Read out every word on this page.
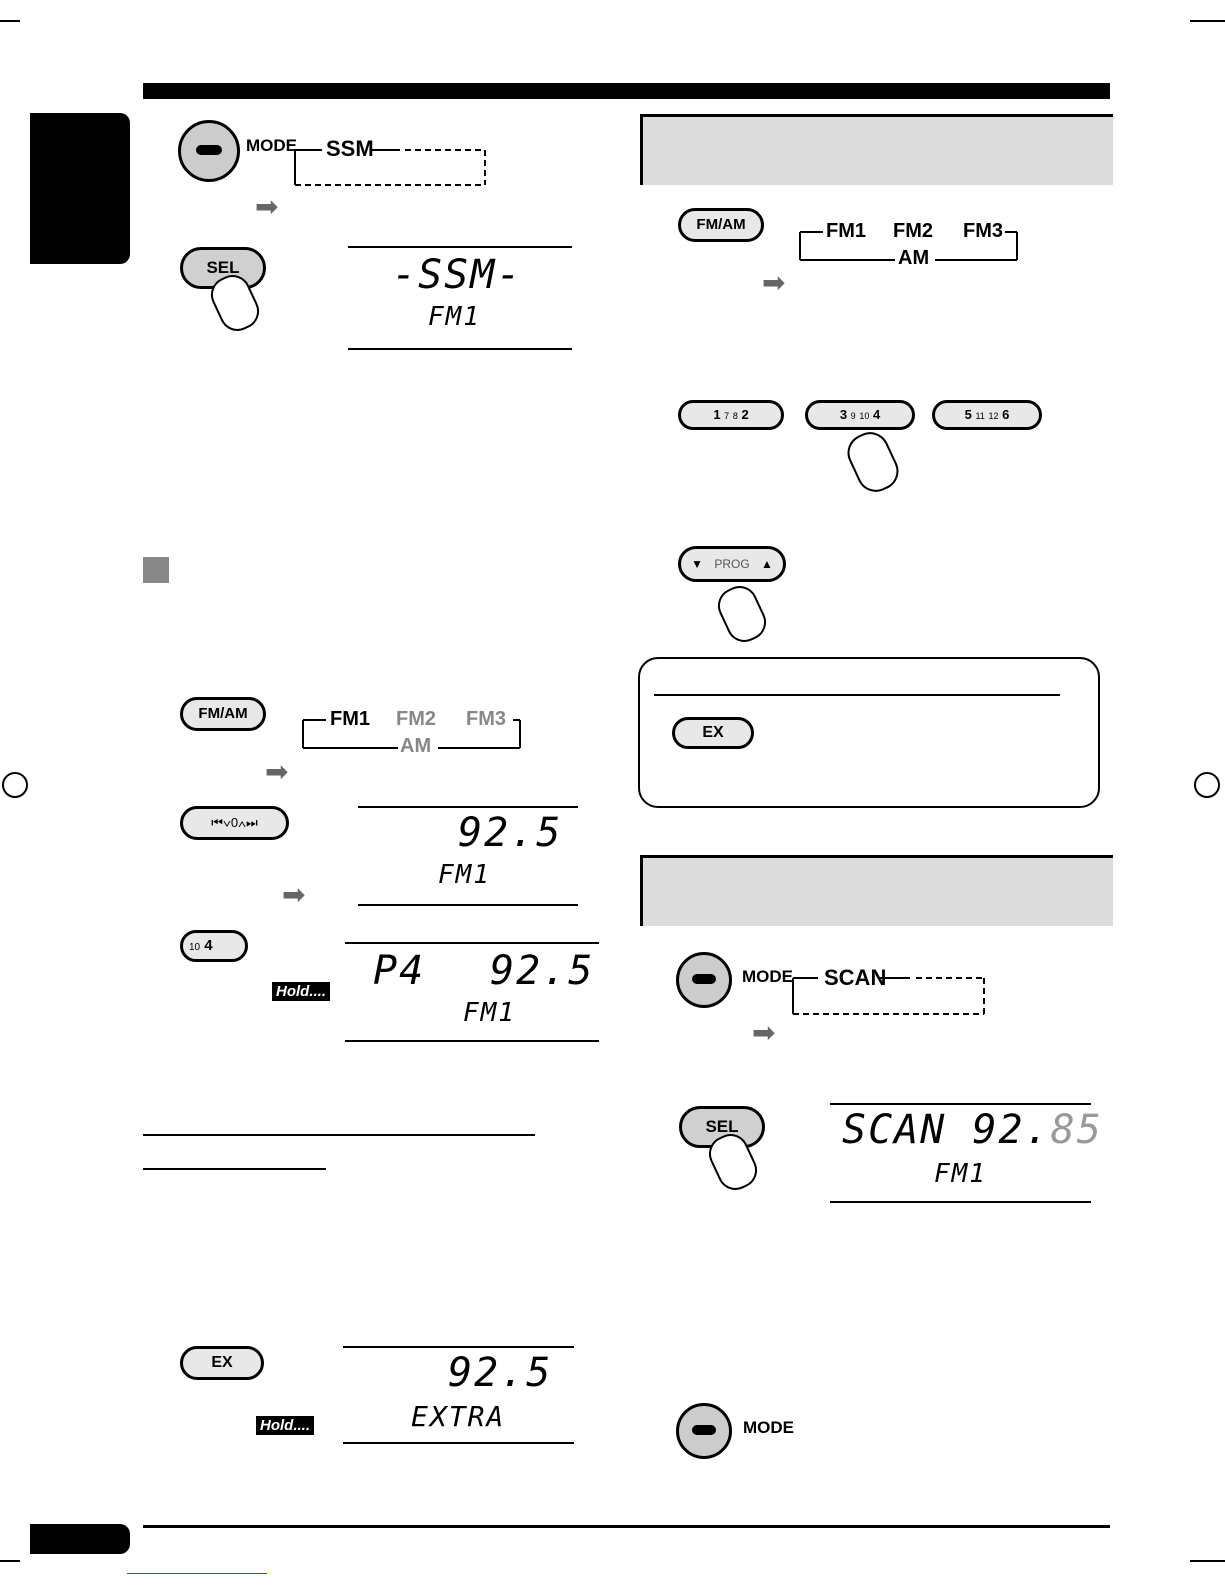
MODE SSM
➡
SEL	-SSM-
FM1
FM/AM	FM1 FM2 FM3
AM
➡
⏮∨0∧⏭
➡
92.5
FM1
10 4
Hold.... P4 92.5
FM1
EX
Hold....
92.5
EXTRA
FM/AM	FM1 FM2 FM3
AM
➡
1 7 8 2	3 9 10 4	5 11 12 6
▼ PROG ▲
EX
MODE SCAN
➡
SEL	SCAN 92.85
FM1
MODE
